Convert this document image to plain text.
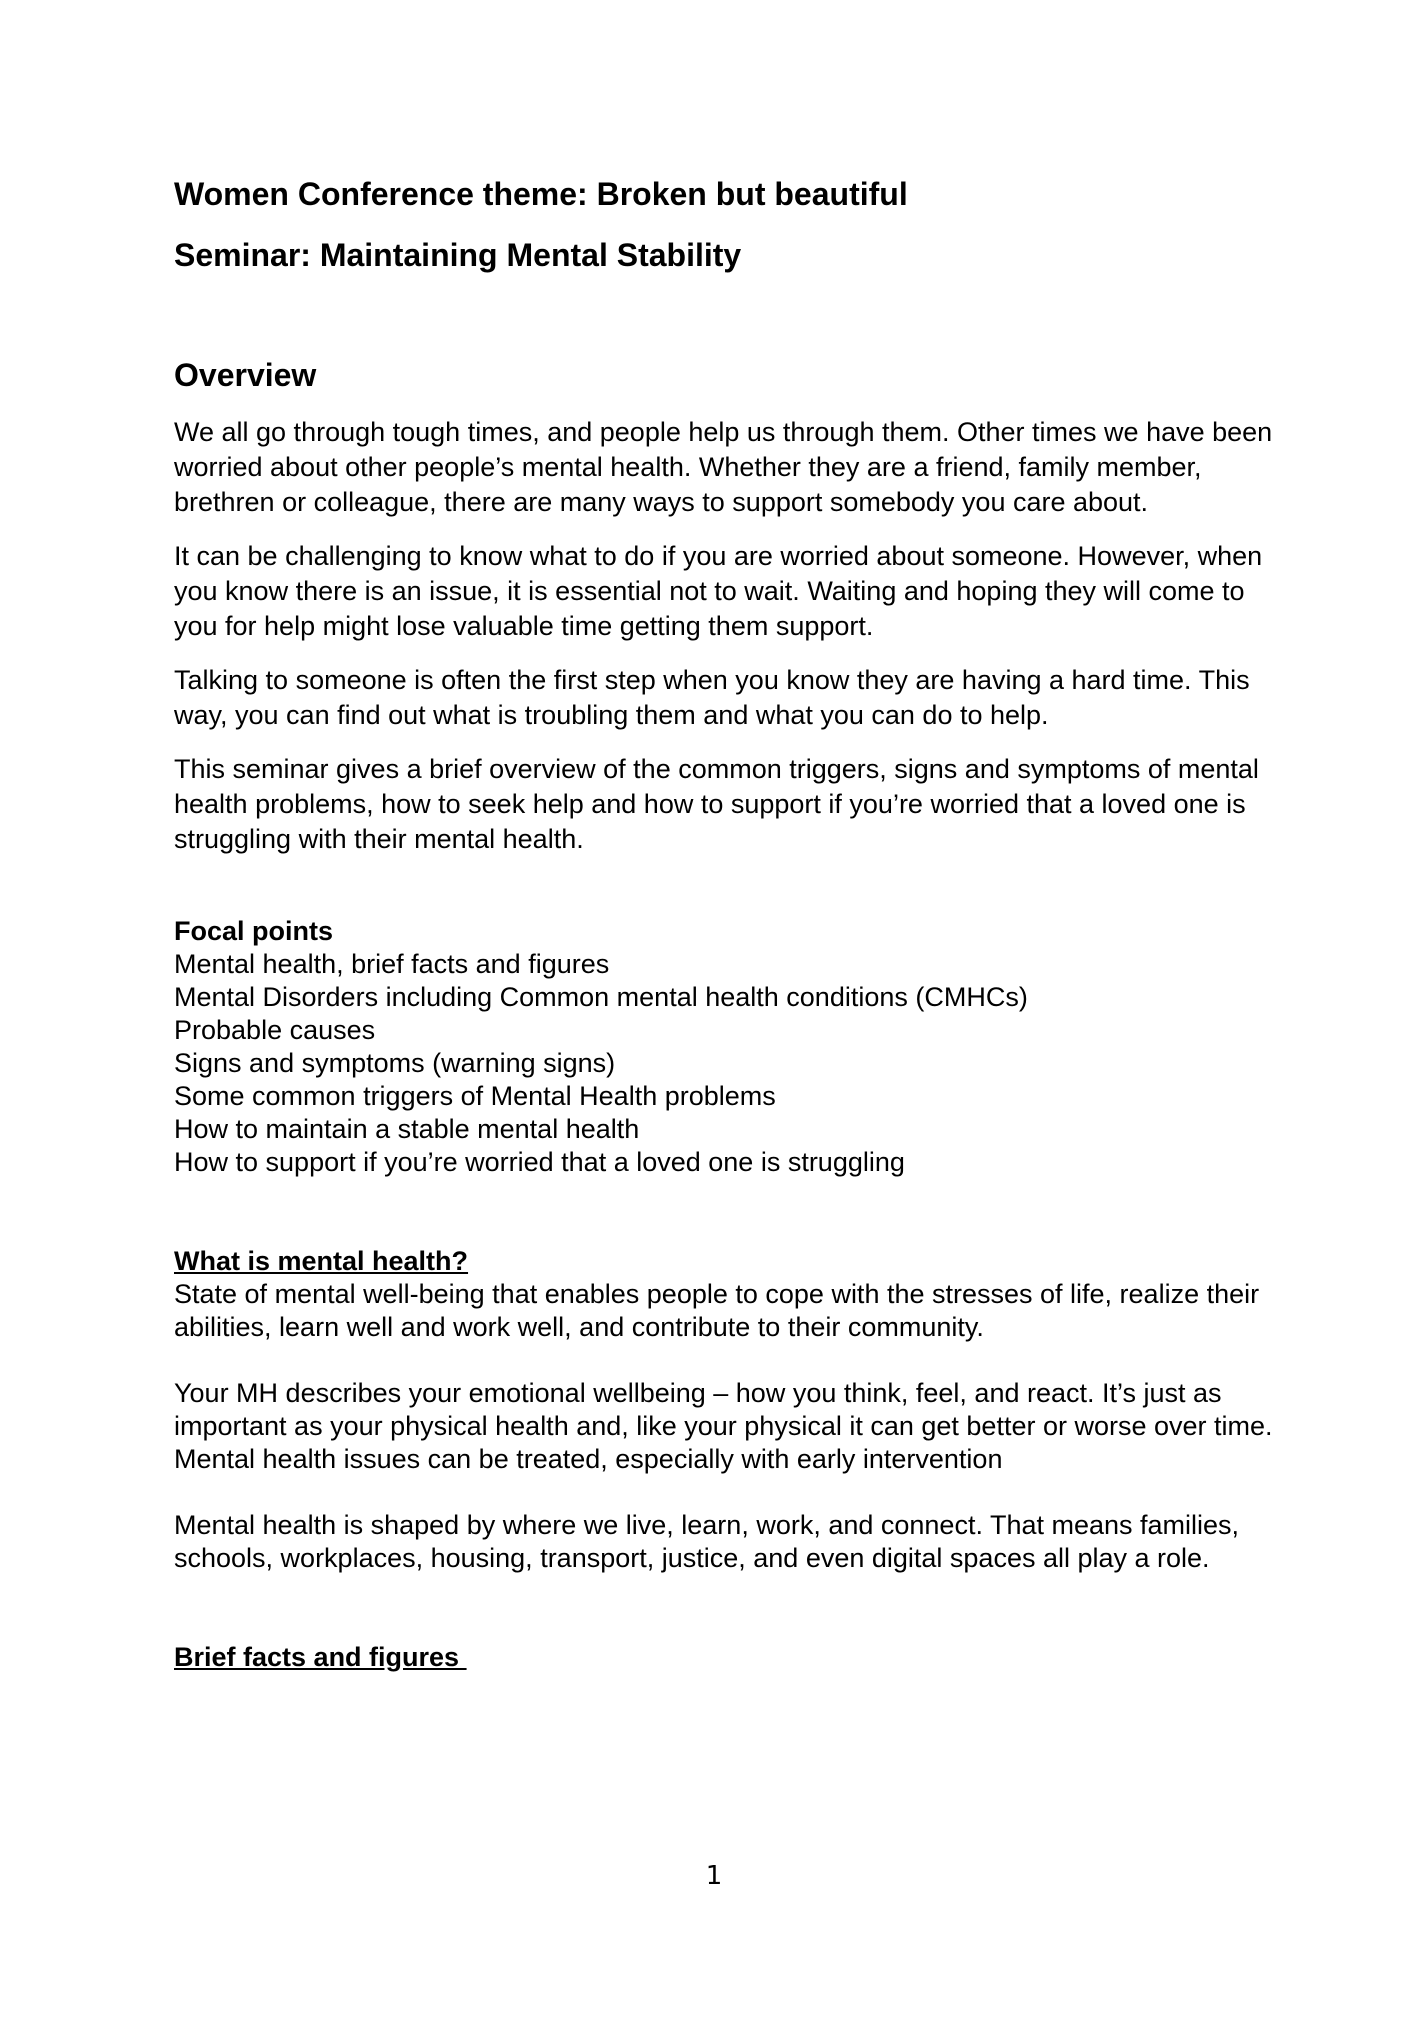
Women Conference theme: Broken but beautiful
Seminar: Maintaining Mental Stability
Overview

We all go through tough times, and people help us through them. Other times we have been worried about other people’s mental health. Whether they are a friend, family member, brethren or colleague, there are many ways to support somebody you care about.

It can be challenging to know what to do if you are worried about someone. However, when you know there is an issue, it is essential not to wait. Waiting and hoping they will come to you for help might lose valuable time getting them support.

Talking to someone is often the first step when you know they are having a hard time. This way, you can find out what is troubling them and what you can do to help.

This seminar gives a brief overview of the common triggers, signs and symptoms of mental health problems, how to seek help and how to support if you’re worried that a loved one is struggling with their mental health.

Focal points

Mental health, brief facts and figures
Mental Disorders including Common mental health conditions (CMHCs)
Probable causes
Signs and symptoms (warning signs)
Some common triggers of Mental Health problems
How to maintain a stable mental health
How to support if you’re worried that a loved one is struggling

What is mental health?

State of mental well-being that enables people to cope with the stresses of life, realize their abilities, learn well and work well, and contribute to their community.

Your MH describes your emotional wellbeing – how you think, feel, and react. It’s just as important as your physical health and, like your physical it can get better or worse over time. Mental health issues can be treated, especially with early intervention

Mental health is shaped by where we live, learn, work, and connect. That means families, schools, workplaces, housing, transport, justice, and even digital spaces all play a role.

Brief facts and figures

1
